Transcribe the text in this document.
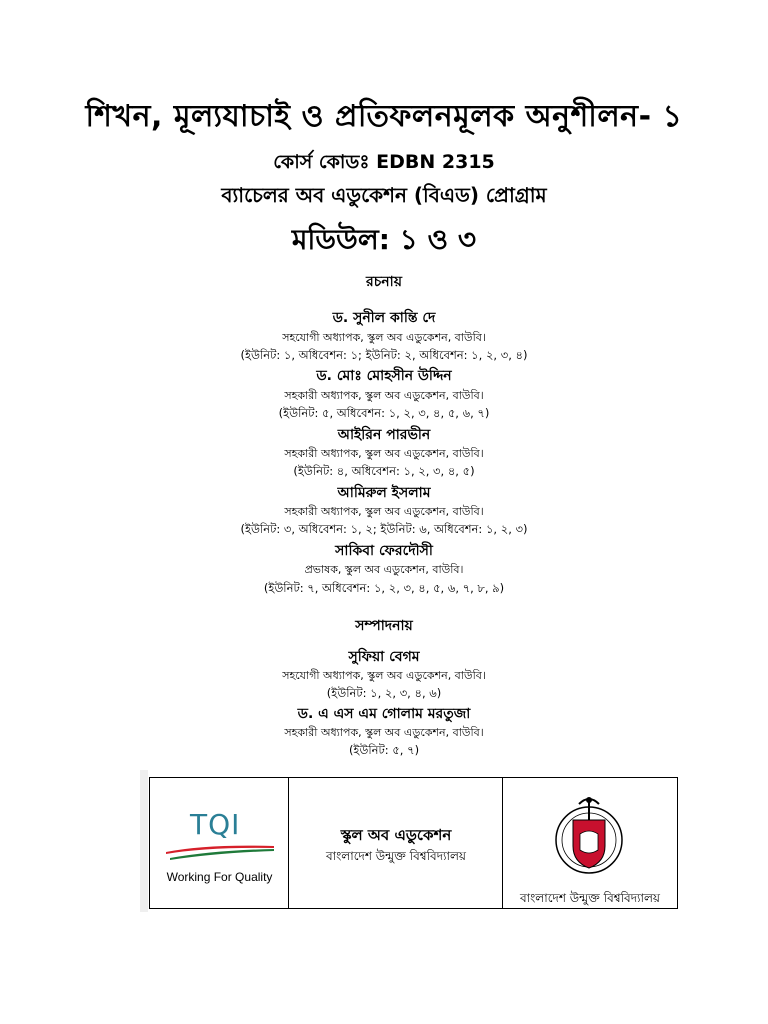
শিখন, মূল্যযাচাই ও প্রতিফলনমূলক অনুশীলন- ১
কোর্স কোডঃ EDBN 2315
ব্যাচেলর অব এডুকেশন (বিএড) প্রোগ্রাম
মডিউল: ১ ও ৩
রচনায়
ড. সুনীল কান্তি দে
সহযোগী অধ্যাপক, স্কুল অব এডুকেশন, বাউবি।
(ইউনিট: ১, অধিবেশন: ১; ইউনিট: ২, অধিবেশন: ১, ২, ৩, ৪)
ড. মোঃ মোহসীন উদ্দিন
সহকারী অধ্যাপক, স্কুল অব এডুকেশন, বাউবি।
(ইউনিট: ৫, অধিবেশন: ১, ২, ৩, ৪, ৫, ৬, ৭)
আইরিন পারভীন
সহকারী অধ্যাপক, স্কুল অব এডুকেশন, বাউবি।
(ইউনিট: ৪, অধিবেশন: ১, ২, ৩, ৪, ৫)
আমিরুল ইসলাম
সহকারী অধ্যাপক, স্কুল অব এডুকেশন, বাউবি।
(ইউনিট: ৩, অধিবেশন: ১, ২; ইউনিট: ৬, অধিবেশন: ১, ২, ৩)
সাকিবা ফেরদৌসী
প্রভাষক, স্কুল অব এডুকেশন, বাউবি।
(ইউনিট: ৭, অধিবেশন: ১, ২, ৩, ৪, ৫, ৬, ৭, ৮, ৯)
সম্পাদনায়
সুফিয়া বেগম
সহযোগী অধ্যাপক, স্কুল অব এডুকেশন, বাউবি।
(ইউনিট: ১, ২, ৩, ৪, ৬)
ড. এ এস এম গোলাম মরতুজা
সহকারী অধ্যাপক, স্কুল অব এডুকেশন, বাউবি।
(ইউনিট: ৫, ৭)
TQI
Working For Quality
স্কুল অব এডুকেশন
বাংলাদেশ উন্মুক্ত বিশ্ববিদ্যালয়
বাংলাদেশ উন্মুক্ত বিশ্ববিদ্যালয়
